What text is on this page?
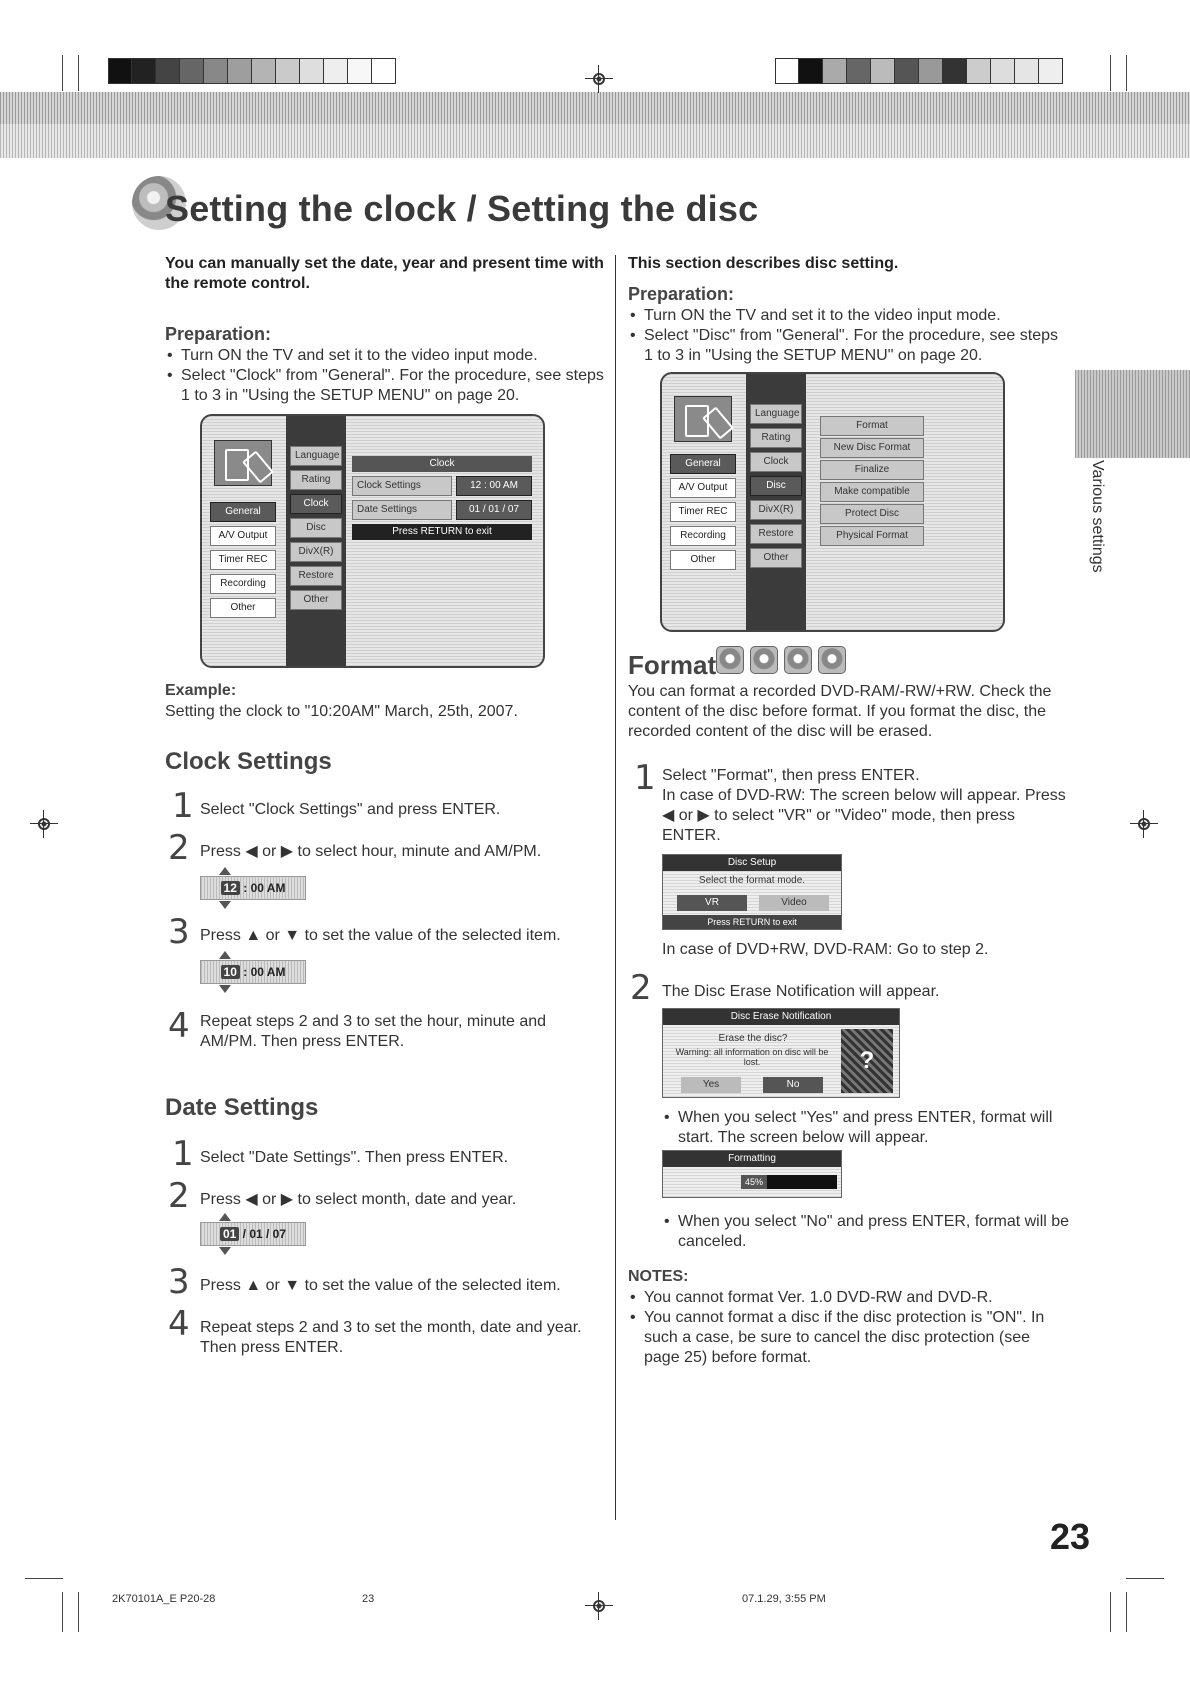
Setting the clock / Setting the disc
You can manually set the date, year and present time with the remote control.
Preparation:
• Turn ON the TV and set it to the video input mode.
• Select "Clock" from "General". For the procedure, see steps 1 to 3 in "Using the SETUP MENU" on page 20.
General
A/V Output
Timer REC
Recording
Other
Language
Rating
Clock
Disc
DivX(R)
Restore
Other
Clock
Clock Settings	12 : 00 AM
Date Settings	01 / 01 / 07
Press RETURN to exit
Example:
Setting the clock to "10:20AM" March, 25th, 2007.
Clock Settings
1 Select "Clock Settings" and press ENTER.
2 Press ◀ or ▶ to select hour, minute and AM/PM.
12 : 00 AM
3 Press ▲ or ▼ to set the value of the selected item.
10 : 00 AM
4 Repeat steps 2 and 3 to set the hour, minute and AM/PM. Then press ENTER.
Date Settings
1 Select "Date Settings". Then press ENTER.
2 Press ◀ or ▶ to select month, date and year.
01 / 01 / 07
3 Press ▲ or ▼ to set the value of the selected item.
4 Repeat steps 2 and 3 to set the month, date and year. Then press ENTER.
This section describes disc setting.
Preparation:
• Turn ON the TV and set it to the video input mode.
• Select "Disc" from "General". For the procedure, see steps 1 to 3 in "Using the SETUP MENU" on page 20.
General
A/V Output
Timer REC
Recording
Other
Language
Rating
Clock
Disc
DivX(R)
Restore
Other
Format
New Disc Format
Finalize
Make compatible
Protect Disc
Physical Format
Format
You can format a recorded DVD-RAM/-RW/+RW. Check the content of the disc before format. If you format the disc, the recorded content of the disc will be erased.
1 Select "Format", then press ENTER.
In case of DVD-RW: The screen below will appear. Press ◀ or ▶ to select "VR" or "Video" mode, then press ENTER.
Disc Setup
Select the format mode.
VR	Video
Press RETURN to exit
In case of DVD+RW, DVD-RAM: Go to step 2.
2 The Disc Erase Notification will appear.
Disc Erase Notification
Erase the disc?
Warning: all information on disc will be lost.
Yes	No
?
• When you select "Yes" and press ENTER, format will start. The screen below will appear.
Formatting
45%
• When you select "No" and press ENTER, format will be canceled.
NOTES:
• You cannot format Ver. 1.0 DVD-RW and DVD-R.
• You cannot format a disc if the disc protection is "ON". In such a case, be sure to cancel the disc protection (see page 25) before format.
Various settings
23
2K70101A_E P20-28	23	07.1.29, 3:55 PM
